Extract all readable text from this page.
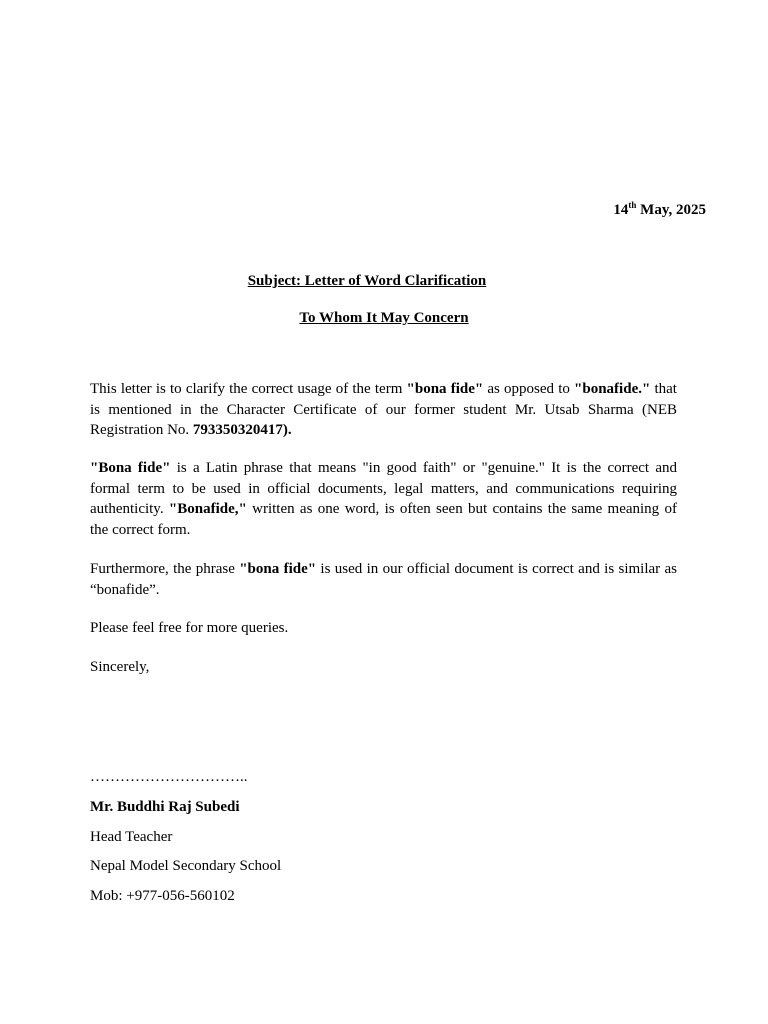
14th May, 2025
Subject: Letter of Word Clarification
To Whom It May Concern
This letter is to clarify the correct usage of the term "bona fide" as opposed to "bonafide." that is mentioned in the Character Certificate of our former student Mr. Utsab Sharma (NEB Registration No. 793350320417).
"Bona fide" is a Latin phrase that means "in good faith" or "genuine." It is the correct and formal term to be used in official documents, legal matters, and communications requiring authenticity. "Bonafide," written as one word, is often seen but contains the same meaning of the correct form.
Furthermore, the phrase "bona fide" is used in our official document is correct and is similar as “bonafide”.
Please feel free for more queries.
Sincerely,
…………………………..
Mr. Buddhi Raj Subedi
Head Teacher
Nepal Model Secondary School
Mob: +977-056-560102
